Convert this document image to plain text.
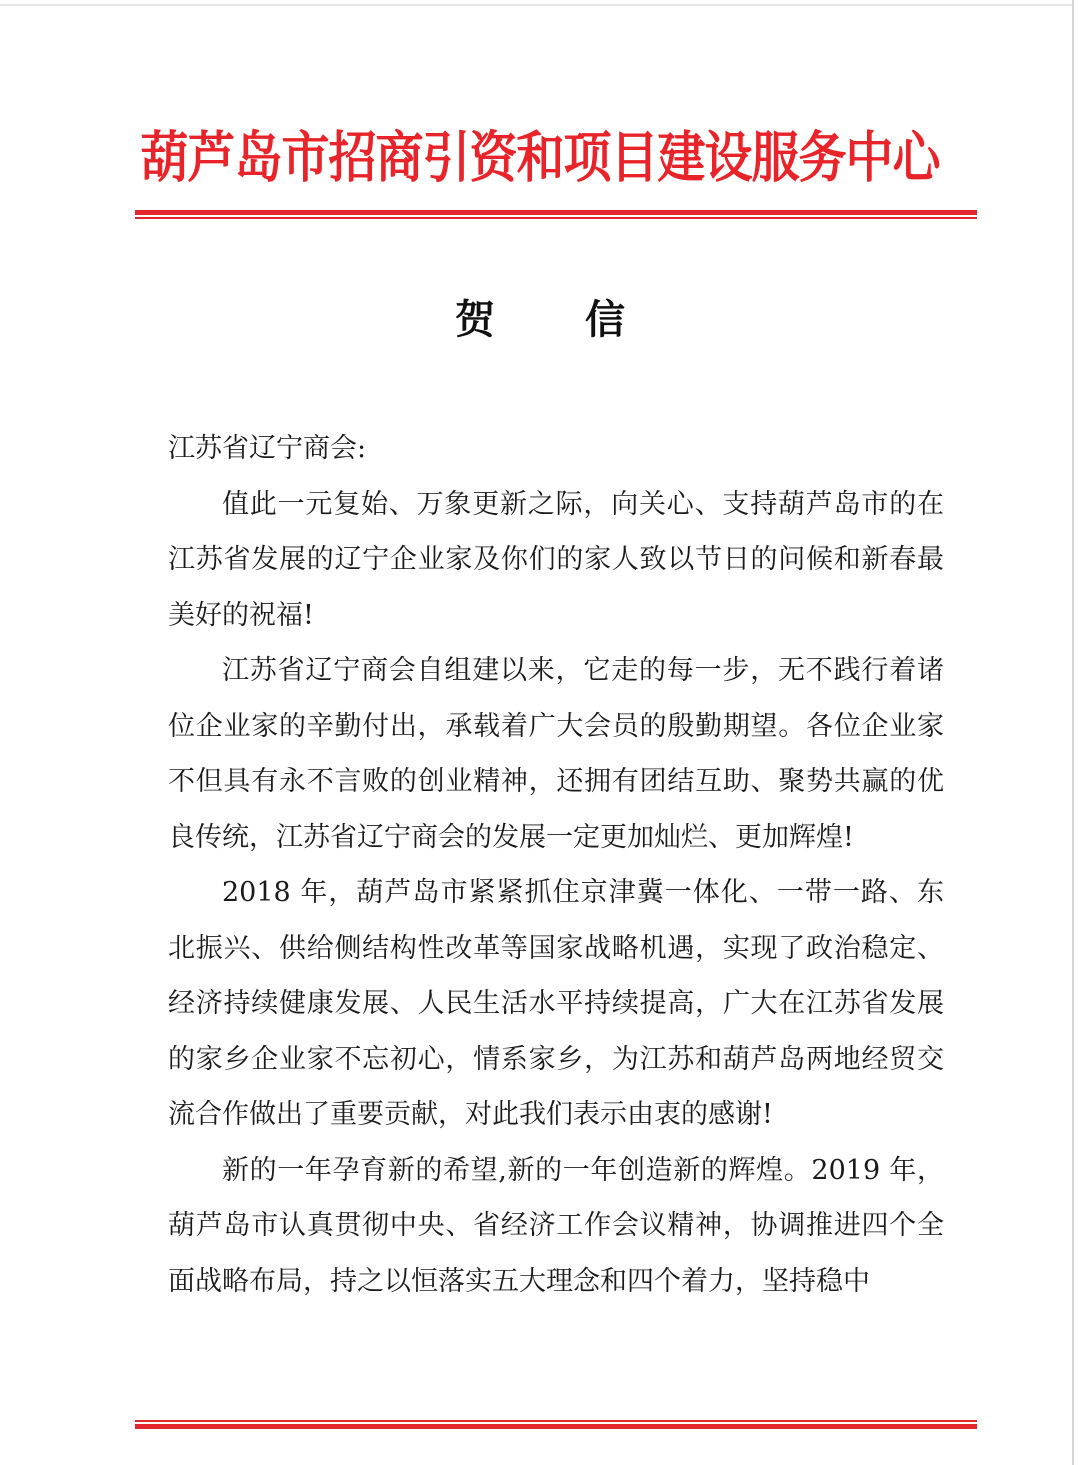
葫芦岛市招商引资和项目建设服务中心
贺 信

江苏省辽宁商会:

值此一元复始、万象更新之际，向关心、支持葫芦岛市的在江苏省发展的辽宁企业家及你们的家人致以节日的问候和新春最美好的祝福!

江苏省辽宁商会自组建以来，它走的每一步，无不践行着诸位企业家的辛勤付出，承载着广大会员的殷勤期望。各位企业家不但具有永不言败的创业精神，还拥有团结互助、聚势共赢的优良传统，江苏省辽宁商会的发展一定更加灿烂、更加辉煌!

2018 年，葫芦岛市紧紧抓住京津冀一体化、一带一路、东北振兴、供给侧结构性改革等国家战略机遇，实现了政治稳定、经济持续健康发展、人民生活水平持续提高，广大在江苏省发展的家乡企业家不忘初心，情系家乡，为江苏和葫芦岛两地经贸交流合作做出了重要贡献，对此我们表示由衷的感谢!

新的一年孕育新的希望,新的一年创造新的辉煌。2019 年，葫芦岛市认真贯彻中央、省经济工作会议精神，协调推进四个全面战略布局，持之以恒落实五大理念和四个着力，坚持稳中
